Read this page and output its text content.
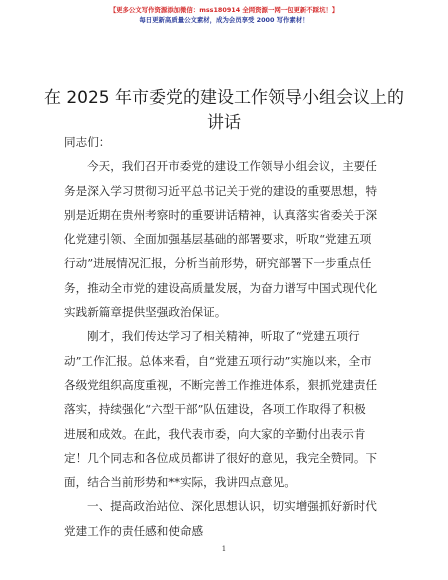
【更多公文写作资源添加微信：mss180914 全网资源一网一包更新不踩坑！】
每日更新高质量公文素材，成为会员享受 2000 写作素材！
在 2025 年市委党的建设工作领导小组会议上的
讲话
同志们：
今天，我们召开市委党的建设工作领导小组会议，主要任
务是深入学习贯彻习近平总书记关于党的建设的重要思想，特
别是近期在贵州考察时的重要讲话精神，认真落实省委关于深
化党建引领、全面加强基层基础的部署要求，听取“党建五项
行动”进展情况汇报，分析当前形势，研究部署下一步重点任
务，推动全市党的建设高质量发展，为奋力谱写中国式现代化
实践新篇章提供坚强政治保证。
刚才，我们传达学习了相关精神，听取了“党建五项行
动”工作汇报。总体来看，自“党建五项行动”实施以来，全市
各级党组织高度重视，不断完善工作推进体系，狠抓党建责任
落实，持续强化“六型干部”队伍建设，各项工作取得了积极
进展和成效。在此，我代表市委，向大家的辛勤付出表示肯
定！几个同志和各位成员都讲了很好的意见，我完全赞同。下
面，结合当前形势和**实际，我讲四点意见。
一、提高政治站位、深化思想认识，切实增强抓好新时代
党建工作的责任感和使命感
1
